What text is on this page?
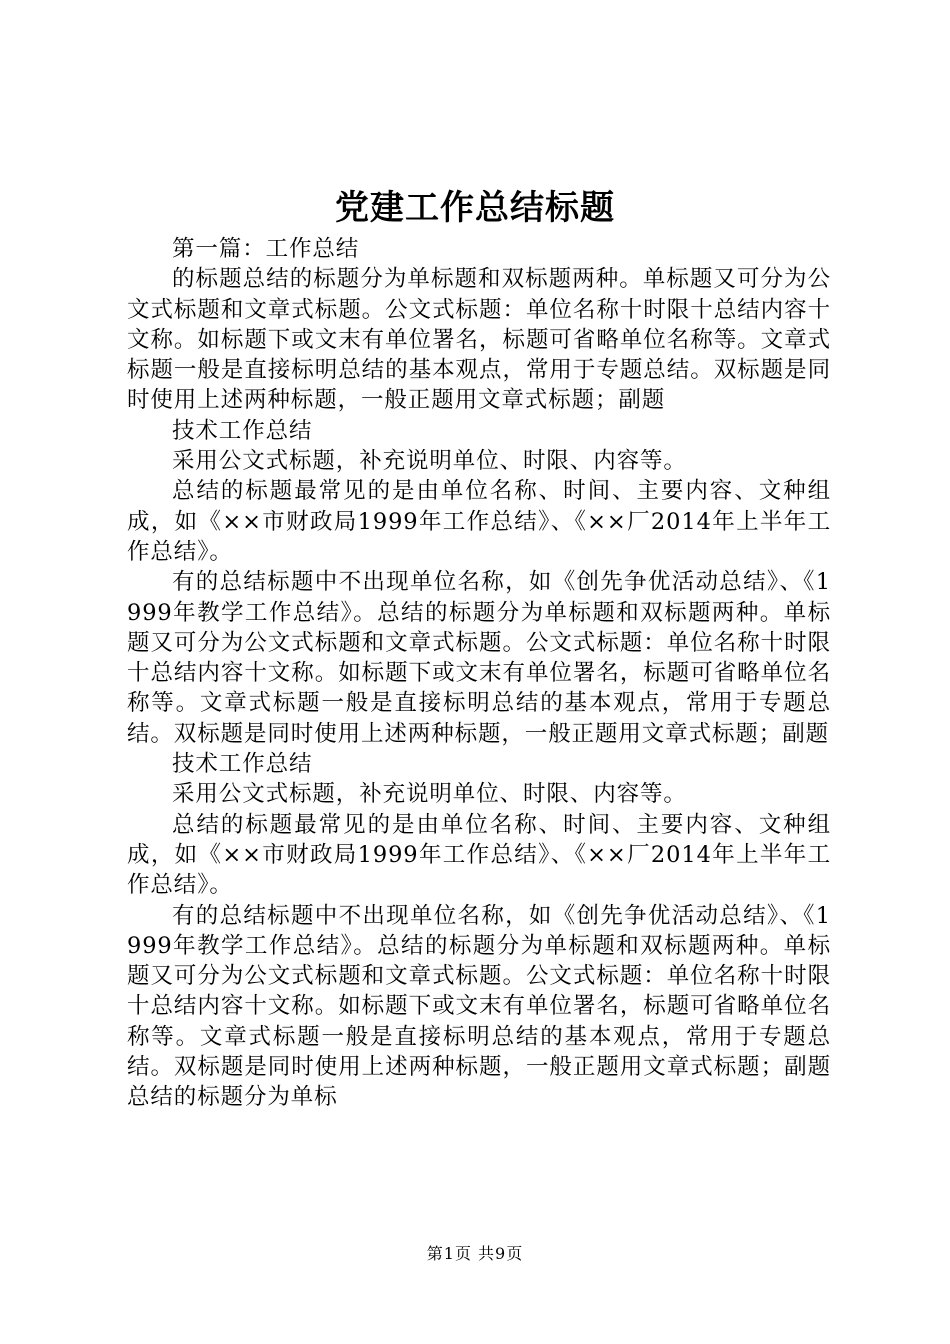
党建工作总结标题

第一篇：工作总结

的标题总结的标题分为单标题和双标题两种。单标题又可分为公文式标题和文章式标题。公文式标题：单位名称十时限十总结内容十文称。如标题下或文末有单位署名，标题可省略单位名称等。文章式标题一般是直接标明总结的基本观点，常用于专题总结。双标题是同时使用上述两种标题，一般正题用文章式标题；副题

技术工作总结

采用公文式标题，补充说明单位、时限、内容等。

总结的标题最常见的是由单位名称、时间、主要内容、文种组成，如《××市财政局1999年工作总结》、《××厂2014年上半年工作总结》。

有的总结标题中不出现单位名称，如《创先争优活动总结》、《1999年教学工作总结》。总结的标题分为单标题和双标题两种。单标题又可分为公文式标题和文章式标题。公文式标题：单位名称十时限十总结内容十文称。如标题下或文末有单位署名，标题可省略单位名称等。文章式标题一般是直接标明总结的基本观点，常用于专题总结。双标题是同时使用上述两种标题，一般正题用文章式标题；副题

技术工作总结

采用公文式标题，补充说明单位、时限、内容等。

总结的标题最常见的是由单位名称、时间、主要内容、文种组成，如《××市财政局1999年工作总结》、《××厂2014年上半年工作总结》。

有的总结标题中不出现单位名称，如《创先争优活动总结》、《1999年教学工作总结》。总结的标题分为单标题和双标题两种。单标题又可分为公文式标题和文章式标题。公文式标题：单位名称十时限十总结内容十文称。如标题下或文末有单位署名，标题可省略单位名称等。文章式标题一般是直接标明总结的基本观点，常用于专题总结。双标题是同时使用上述两种标题，一般正题用文章式标题；副题总结的标题分为单标

第1页 共9页
